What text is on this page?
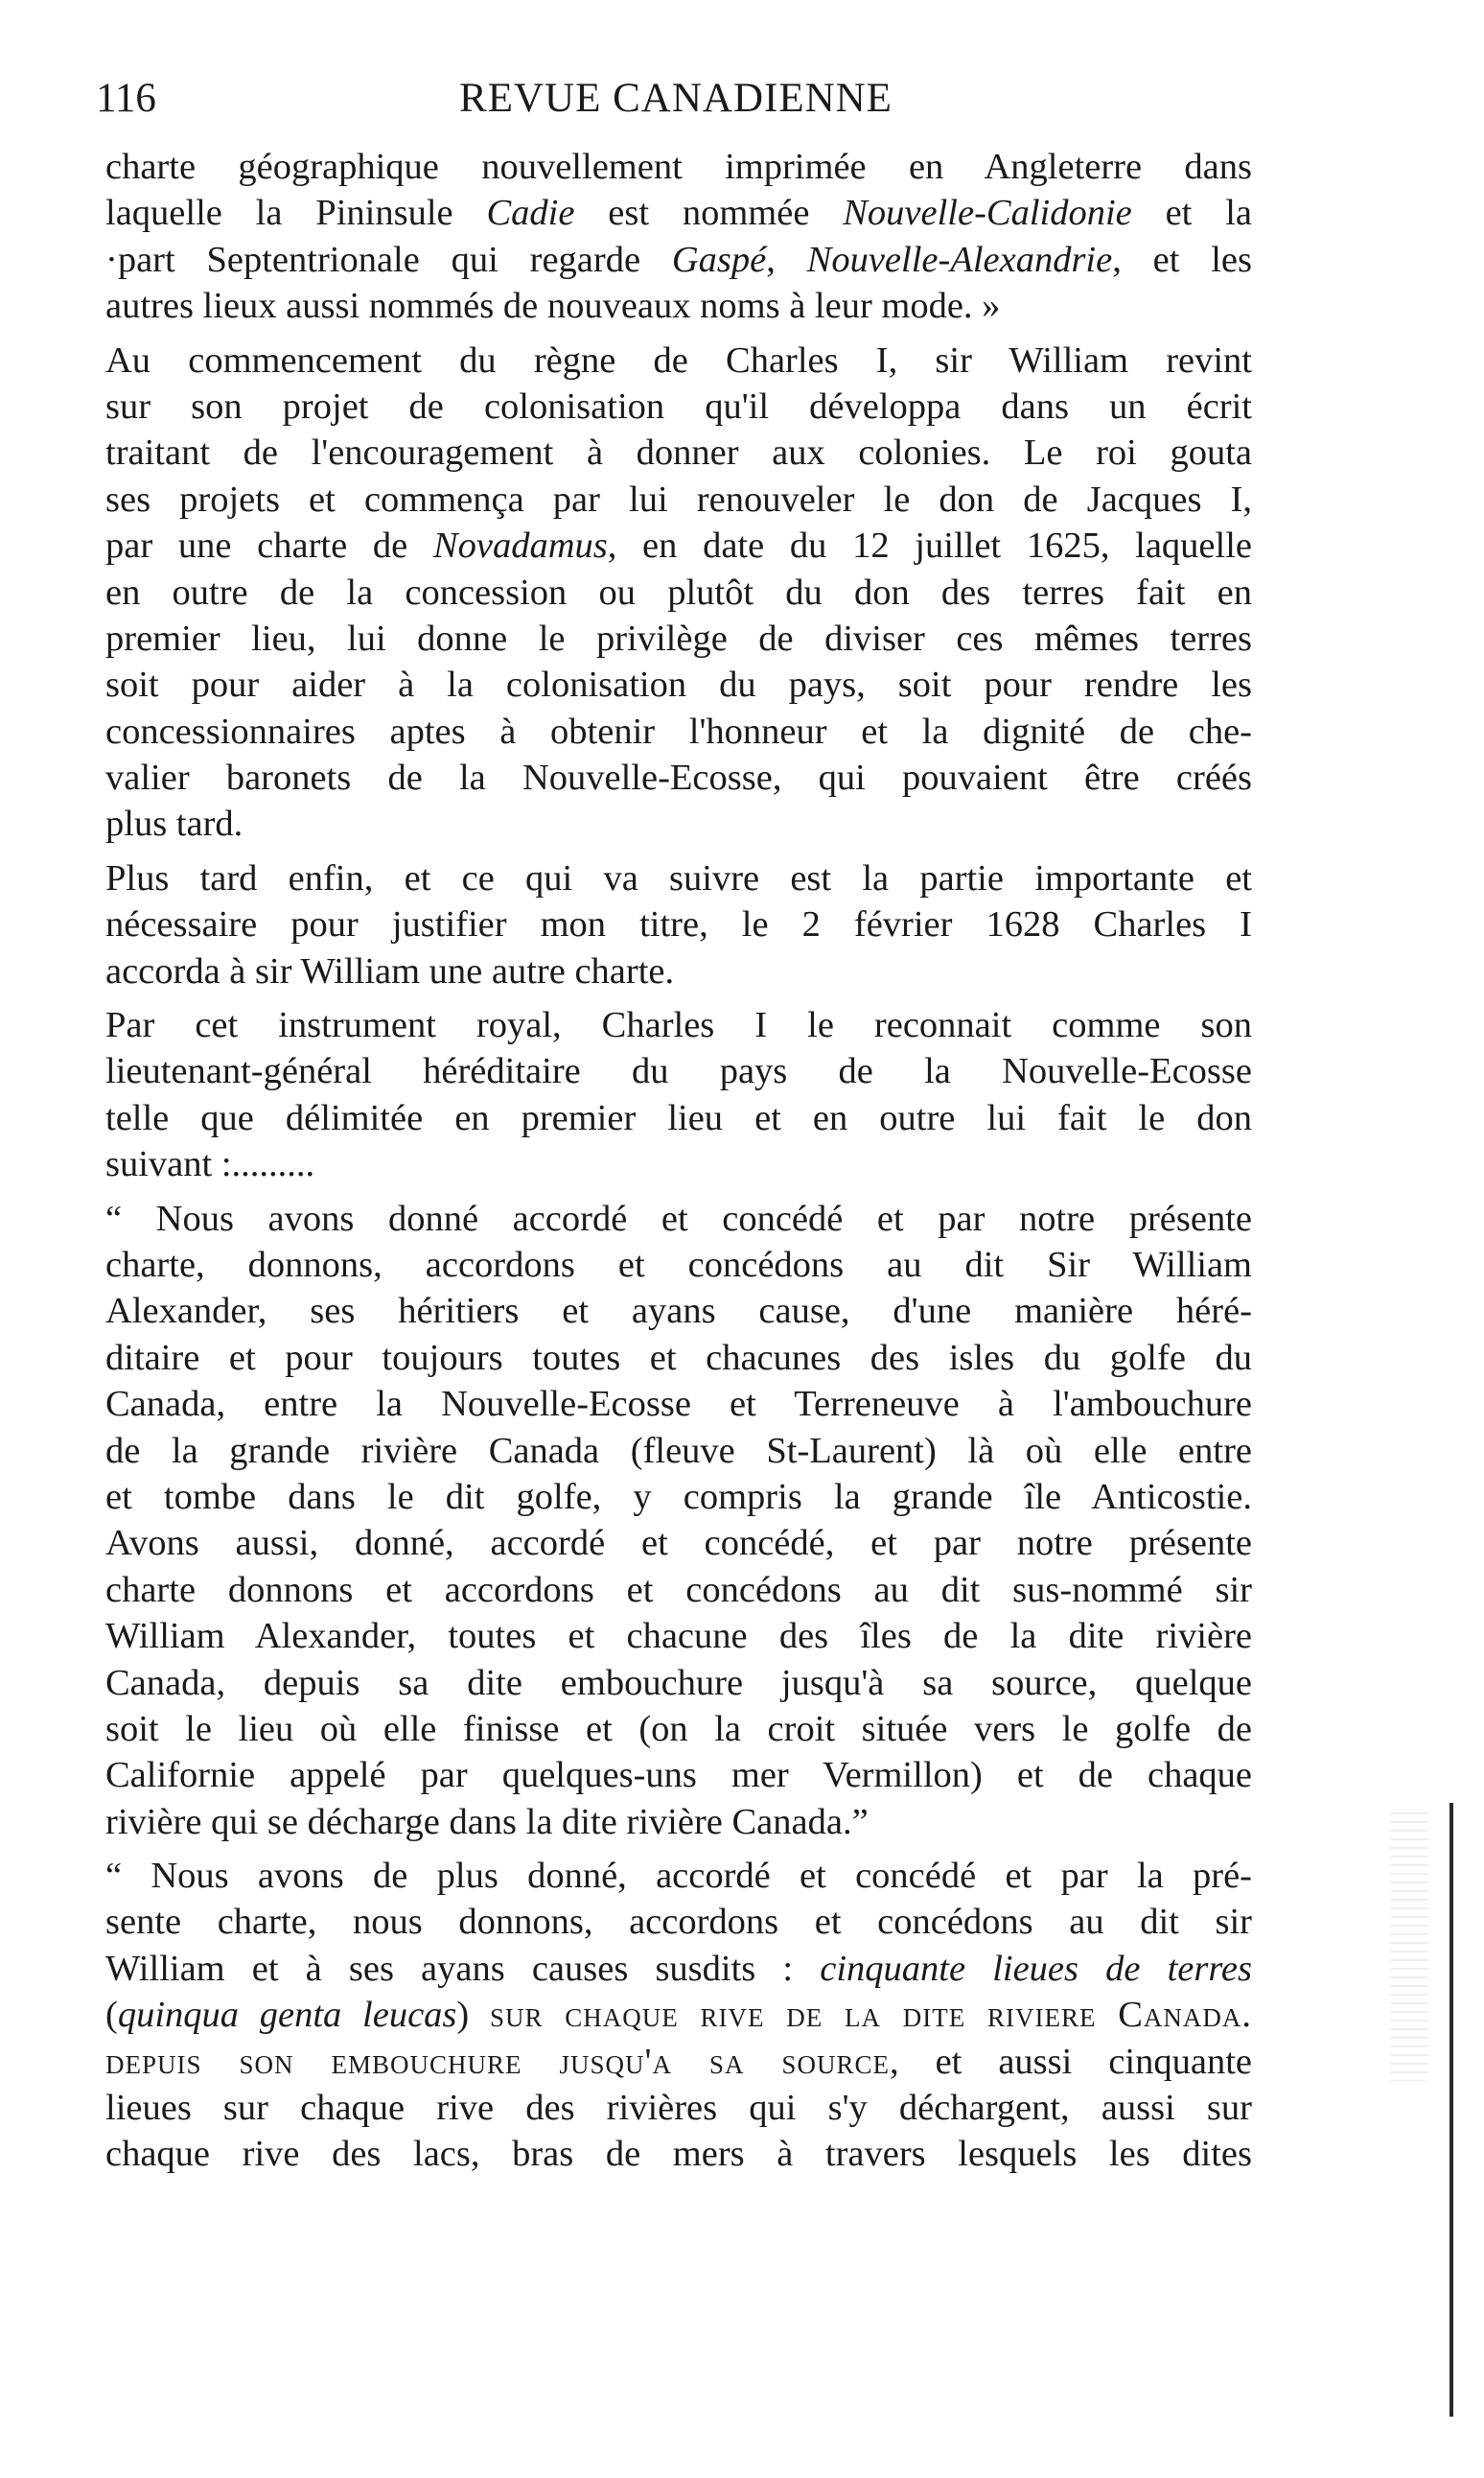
116	REVUE CANADIENNE
charte géographique nouvellement imprimée en Angleterre dans
laquelle la Pininsule Cadie est nommée Nouvelle-Calidonie et la
·part Septentrionale qui regarde Gaspé, Nouvelle-Alexandrie, et les
autres lieux aussi nommés de nouveaux noms à leur mode. »
Au commencement du règne de Charles I, sir William revint
sur son projet de colonisation qu'il développa dans un écrit
traitant de l'encouragement à donner aux colonies. Le roi gouta
ses projets et commença par lui renouveler le don de Jacques I,
par une charte de Novadamus, en date du 12 juillet 1625, laquelle
en outre de la concession ou plutôt du don des terres fait en
premier lieu, lui donne le privilège de diviser ces mêmes terres
soit pour aider à la colonisation du pays, soit pour rendre les
concessionnaires aptes à obtenir l'honneur et la dignité de che-
valier baronets de la Nouvelle-Ecosse, qui pouvaient être créés
plus tard.
Plus tard enfin, et ce qui va suivre est la partie importante et
nécessaire pour justifier mon titre, le 2 février 1628 Charles I
accorda à sir William une autre charte.
Par cet instrument royal, Charles I le reconnait comme son
lieutenant-général héréditaire du pays de la Nouvelle-Ecosse
telle que délimitée en premier lieu et en outre lui fait le don
suivant :.........
“ Nous avons donné accordé et concédé et par notre présente
charte, donnons, accordons et concédons au dit Sir William
Alexander, ses héritiers et ayans cause, d'une manière héré-
ditaire et pour toujours toutes et chacunes des isles du golfe du
Canada, entre la Nouvelle-Ecosse et Terreneuve à l'ambouchure
de la grande rivière Canada (fleuve St-Laurent) là où elle entre
et tombe dans le dit golfe, y compris la grande île Anticostie.
Avons aussi, donné, accordé et concédé, et par notre présente
charte donnons et accordons et concédons au dit sus-nommé sir
William Alexander, toutes et chacune des îles de la dite rivière
Canada, depuis sa dite embouchure jusqu'à sa source, quelque
soit le lieu où elle finisse et (on la croit située vers le golfe de
Californie appelé par quelques-uns mer Vermillon) et de chaque
rivière qui se décharge dans la dite rivière Canada.”
“ Nous avons de plus donné, accordé et concédé et par la pré-
sente charte, nous donnons, accordons et concédons au dit sir
William et à ses ayans causes susdits : cinquante lieues de terres
(quinqua genta leucas) sur chaque rive de la dite riviere Canada.
depuis son embouchure jusqu'a sa source, et aussi cinquante
lieues sur chaque rive des rivières qui s'y déchargent, aussi sur
chaque rive des lacs, bras de mers à travers lesquels les dites
